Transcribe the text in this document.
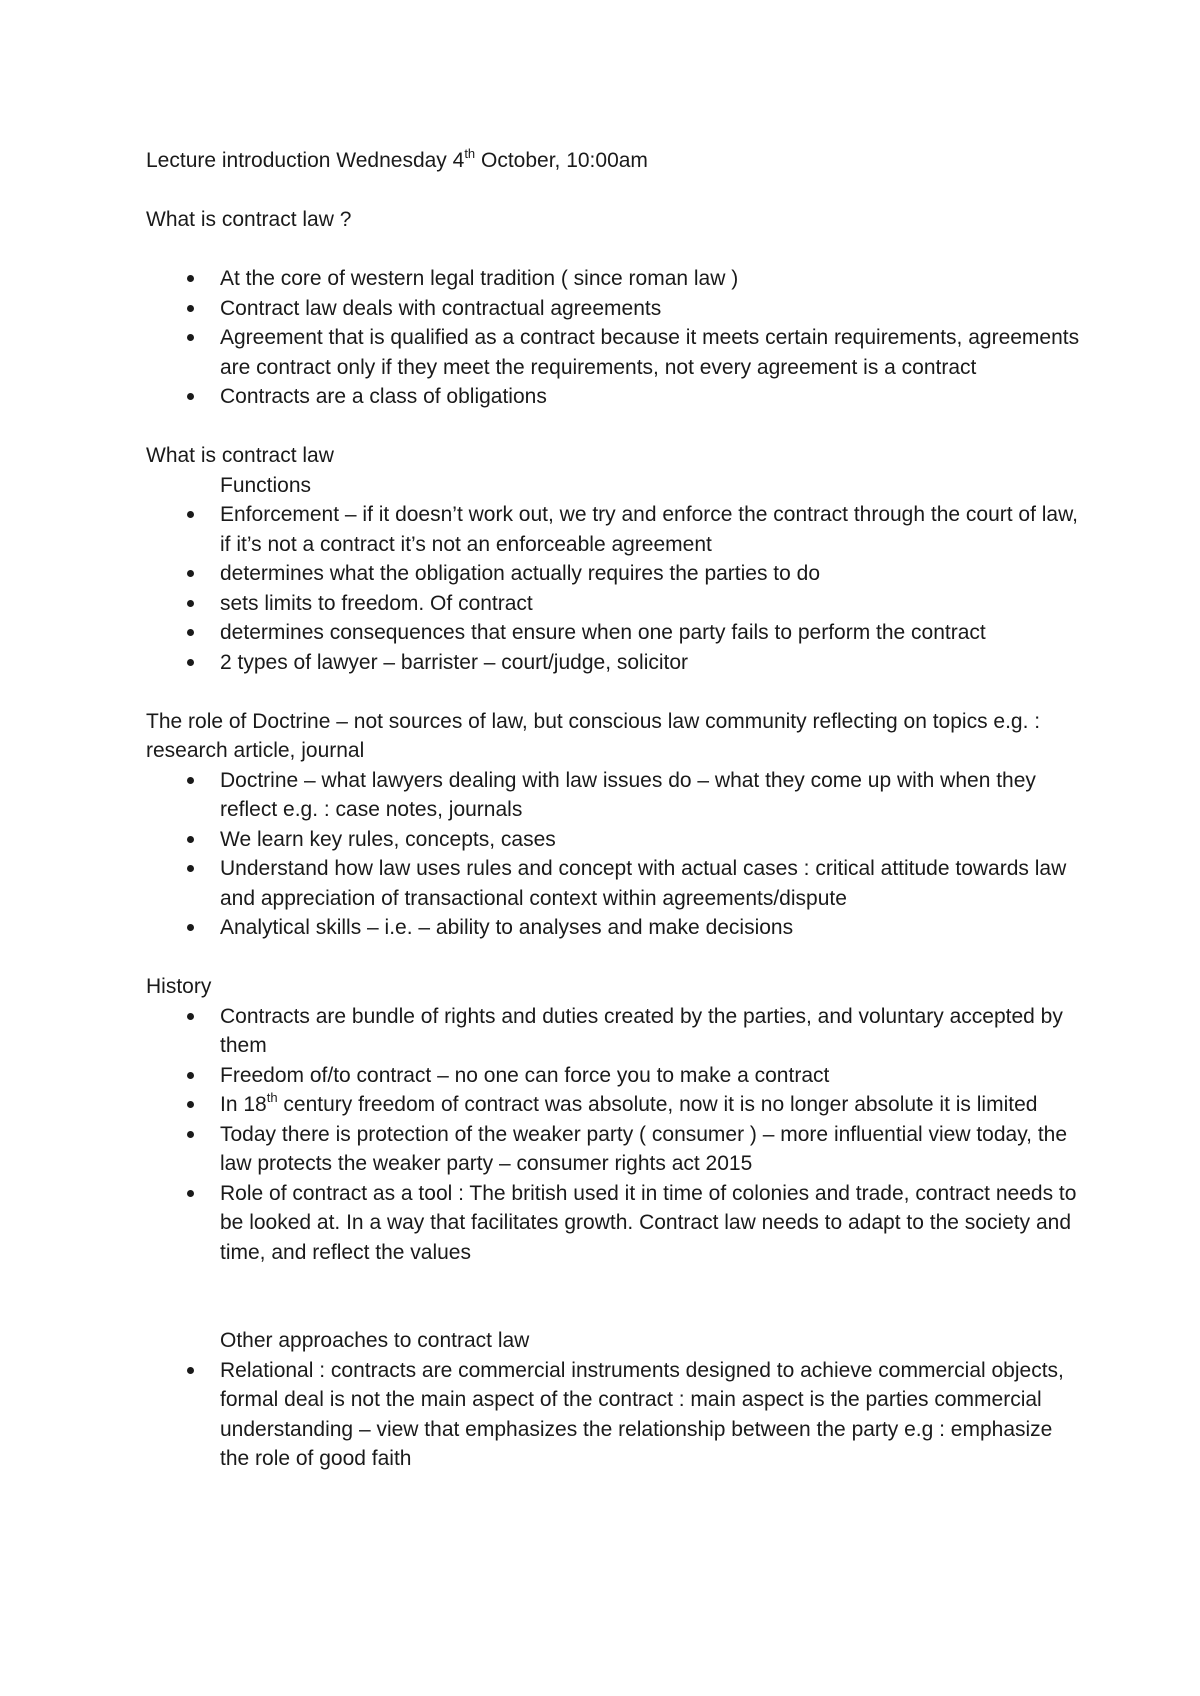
Lecture introduction Wednesday 4th October, 10:00am

What is contract law ?

At the core of western legal tradition ( since roman law )
Contract law deals with contractual agreements
Agreement that is qualified as a contract because it meets certain requirements, agreements are contract only if they meet the requirements, not every agreement is a contract
Contracts are a class of obligations

What is contract law

Functions

Enforcement – if it doesn’t work out, we try and enforce the contract through the court of law, if it’s not a contract it’s not an enforceable agreement
determines what the obligation actually requires the parties to do
sets limits to freedom. Of contract
determines consequences that ensure when one party fails to perform the contract
2 types of lawyer – barrister – court/judge, solicitor

The role of Doctrine – not sources of law, but conscious law community reflecting on topics e.g. : research article, journal

Doctrine – what lawyers dealing with law issues do – what they come up with when they reflect e.g. : case notes, journals
We learn key rules, concepts, cases
Understand how law uses rules and concept with actual cases : critical attitude towards law and appreciation of transactional context within agreements/dispute
Analytical skills – i.e. – ability to analyses and make decisions

History

Contracts are bundle of rights and duties created by the parties, and voluntary accepted by them
Freedom of/to contract – no one can force you to make a contract
In 18th century freedom of contract was absolute, now it is no longer absolute it is limited
Today there is protection of the weaker party ( consumer ) – more influential view today, the law protects the weaker party – consumer rights act 2015
Role of contract as a tool : The british used it in time of colonies and trade, contract needs to be looked at. In a way that facilitates growth. Contract law needs to adapt to the society and time, and reflect the values

Other approaches to contract law

Relational : contracts are commercial instruments designed to achieve commercial objects, formal deal is not the main aspect of the contract : main aspect is the parties commercial understanding – view that emphasizes the relationship between the party e.g : emphasize the role of good faith
